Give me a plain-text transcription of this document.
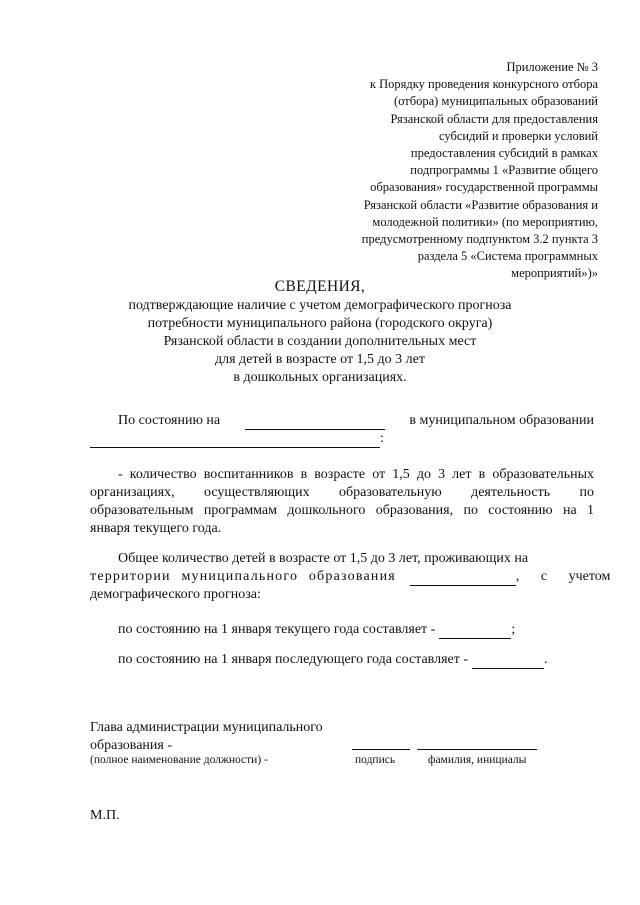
Приложение № 3
к Порядку проведения конкурсного отбора
(отбора) муниципальных образований
Рязанской области для предоставления
субсидий и проверки условий
предоставления субсидий в рамках
подпрограммы 1 «Развитие общего
образования» государственной программы
Рязанской области «Развитие образования и
молодежной политики» (по мероприятию,
предусмотренному подпунктом 3.2 пункта 3
раздела 5 «Система программных
мероприятий»)»
СВЕДЕНИЯ,
подтверждающие наличие с учетом демографического прогноза
потребности муниципального района (городского округа)
Рязанской области в создании дополнительных мест
для детей в возрасте от 1,5 до 3 лет
в дошкольных организациях.
По состоянию на	в муниципальном образовании
:
- количество воспитанников в возрасте от 1,5 до 3 лет в образовательных
организациях, осуществляющих образовательную деятельность по
образовательным программам дошкольного образования, по состоянию на 1
января текущего года.
Общее количество детей в возрасте от 1,5 до 3 лет, проживающих на
территории муниципального образования	, с учетом
демографического прогноза:
по состоянию на 1 января текущего года составляет -	;
по состоянию на 1 января последующего года составляет -	.
Глава администрации муниципального
образования -
(полное наименование должности) -	подпись	фамилия, инициалы
М.П.
